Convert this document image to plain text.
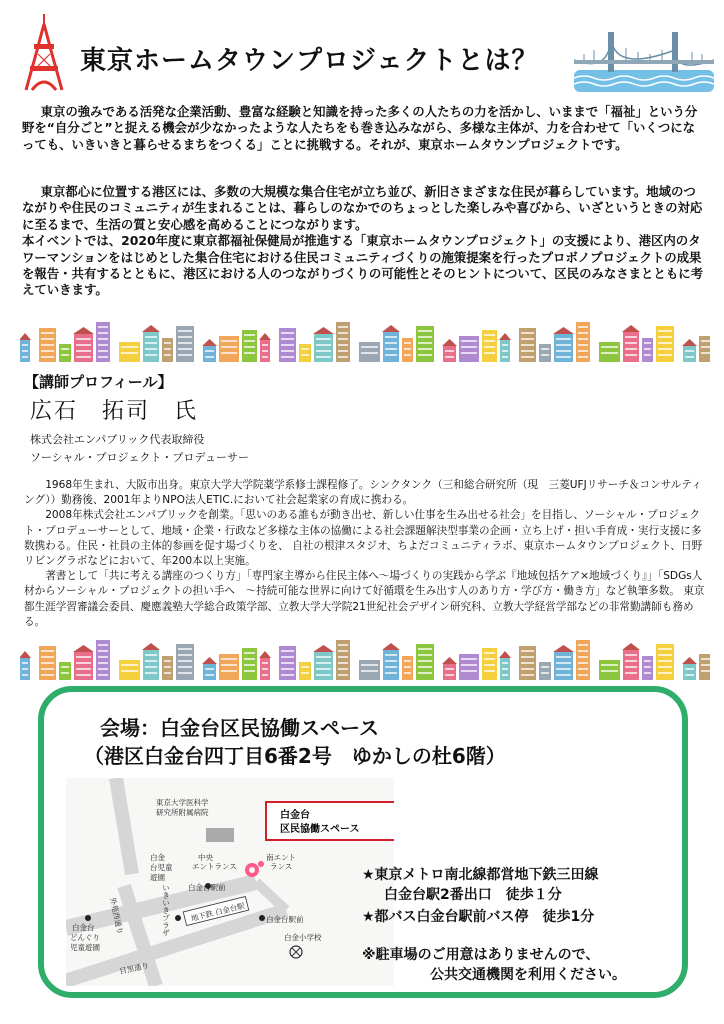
東京ホームタウンプロジェクトとは？

東京の強みである活発な企業活動、豊富な経験と知識を持った多くの人たちの力を活かし、いままで「福祉」という分野を“自分ごと”と捉える機会が少なかったような人たちをも巻き込みながら、多様な主体が、力を合わせて「いくつになっても、いきいきと暮らせるまちをつくる」ことに挑戦する。それが、東京ホームタウンプロジェクトです。

東京都心に位置する港区には、多数の大規模な集合住宅が立ち並び、新旧さまざまな住民が暮らしています。地域のつながりや住民のコミュニティが生まれることは、暮らしのなかでのちょっとした楽しみや喜びから、いざというときの対応に至るまで、生活の質と安心感を高めることにつながります。

本イベントでは、2020年度に東京都福祉保健局が推進する「東京ホームタウンプロジェクト」の支援により、港区内のタワーマンションをはじめとした集合住宅における住民コミュニティづくりの施策提案を行ったプロボノプロジェクトの成果を報告・共有するとともに、港区における人のつながりづくりの可能性とそのヒントについて、区民のみなさまとともに考えていきます。

【講師プロフィール】
広石　拓司　氏
株式会社エンパブリック代表取締役
ソーシャル・プロジェクト・プロデューサー

1968年生まれ、大阪市出身。東京大学大学院薬学系修士課程修了。シンクタンク（三和総合研究所（現　三菱UFJリサーチ＆コンサルティング））勤務後、2001年よりNPO法人ETIC.において社会起業家の育成に携わる。

2008年株式会社エンパブリックを創業。「思いのある誰もが動き出せ、新しい仕事を生み出せる社会」を目指し、ソーシャル・プロジェクト・プロデューサーとして、地域・企業・行政など多様な主体の協働による社会課題解決型事業の企画・立ち上げ・担い手育成・実行支援に多数携わる。住民・社員の主体的参画を促す場づくりを、 自社の根津スタジオ、ちよだコミュニティラボ、東京ホームタウンプロジェクト、日野リビングラボなどにおいて、年200本以上実施。

著書として「共に考える講座のつくり方」「専門家主導から住民主体へ～場づくりの実践から学ぶ『地域包括ケア×地域づくり』」「SDGs人材からソーシャル・プロジェクトの担い手へ　～持続可能な世界に向けて好循環を生み出す人のあり方・学び方・働き方」など執筆多数。 東京都生涯学習審議会委員、慶應義塾大学総合政策学部、立教大学大学院21世紀社会デザイン研究科、立教大学経営学部などの非常勤講師も務める。

会場：白金台区民協働スペース
（港区白金台四丁目6番2号　ゆかしの杜6階）
東京大学医科学
研究所附属病院	白金台
区民協働スペース
中央
エントランス
南エント
ランス
白金台駅前
白金台駅前
白金
台児童
遊園
いきいきプラザ
外苑西通り
目黒通り
地下鉄 白金台駅
白金台
どんぐり
児童遊園
白金小学校
★東京メトロ南北線都営地下鉄三田線
白金台駅2番出口　徒歩１分
★都バス白金台駅前バス停　徒歩1分
※駐車場のご用意はありませんので、
公共交通機関を利用ください。
